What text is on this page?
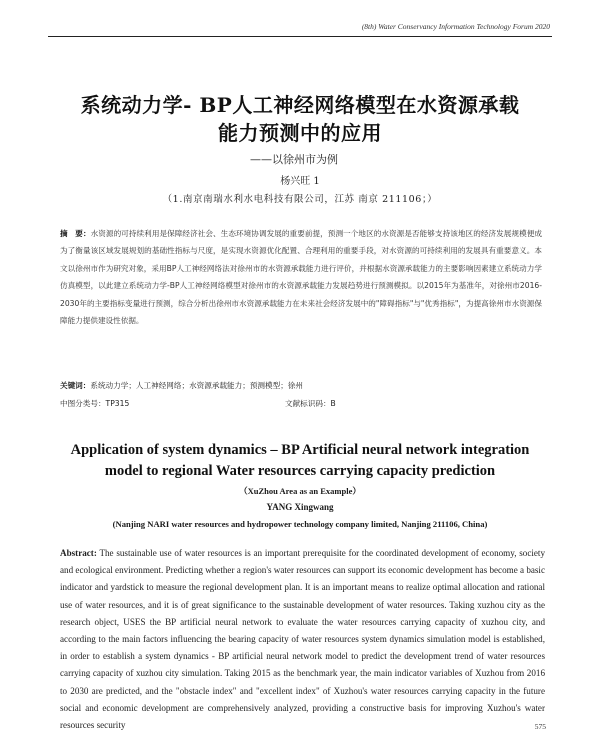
(8th) Water Conservancy Information Technology Forum 2020
系统动力学- BP人工神经网络模型在水资源承载
能力预测中的应用
——以徐州市为例
杨兴旺 1
（1.南京南瑞水利水电科技有限公司，江苏 南京 211106；）
摘　要：水资源的可持续利用是保障经济社会、生态环境协调发展的重要前提，预测一个地区的水资源是否能够支持该地区的经济发展规模便成为了衡量该区域发展规划的基础性指标与尺度，是实现水资源优化配置、合理利用的重要手段，对水资源的可持续利用的发展具有重要意义。本文以徐州市作为研究对象，采用BP人工神经网络法对徐州市的水资源承载能力进行评价，并根据水资源承载能力的主要影响因素建立系统动力学仿真模型，以此建立系统动力学-BP人工神经网络模型对徐州市的水资源承载能力发展趋势进行预测模拟。以2015年为基准年，对徐州市2016-2030年的主要指标变量进行预测，综合分析出徐州市水资源承载能力在未来社会经济发展中的"障碍指标"与"优秀指标"，为提高徐州市水资源保障能力提供建设性依据。
关键词：系统动力学；人工神经网络；水资源承载能力；预测模型；徐州
中图分类号：TP315	文献标识码：B
Application of system dynamics – BP Artificial neural network integration
model to regional Water resources carrying capacity prediction
（XuZhou Area as an Example）
YANG Xingwang
(Nanjing NARI water resources and hydropower technology company limited, Nanjing 211106, China)
Abstract: The sustainable use of water resources is an important prerequisite for the coordinated development of economy, society and ecological environment. Predicting whether a region's water resources can support its economic development has become a basic indicator and yardstick to measure the regional development plan. It is an important means to realize optimal allocation and rational use of water resources, and it is of great significance to the sustainable development of water resources. Taking xuzhou city as the research object, USES the BP artificial neural network to evaluate the water resources carrying capacity of xuzhou city, and according to the main factors influencing the bearing capacity of water resources system dynamics simulation model is established, in order to establish a system dynamics - BP artificial neural network model to predict the development trend of water resources carrying capacity of xuzhou city simulation. Taking 2015 as the benchmark year, the main indicator variables of Xuzhou from 2016 to 2030 are predicted, and the "obstacle index" and "excellent index" of Xuzhou's water resources carrying capacity in the future social and economic development are comprehensively analyzed, providing a constructive basis for improving Xuzhou's water resources security	575
